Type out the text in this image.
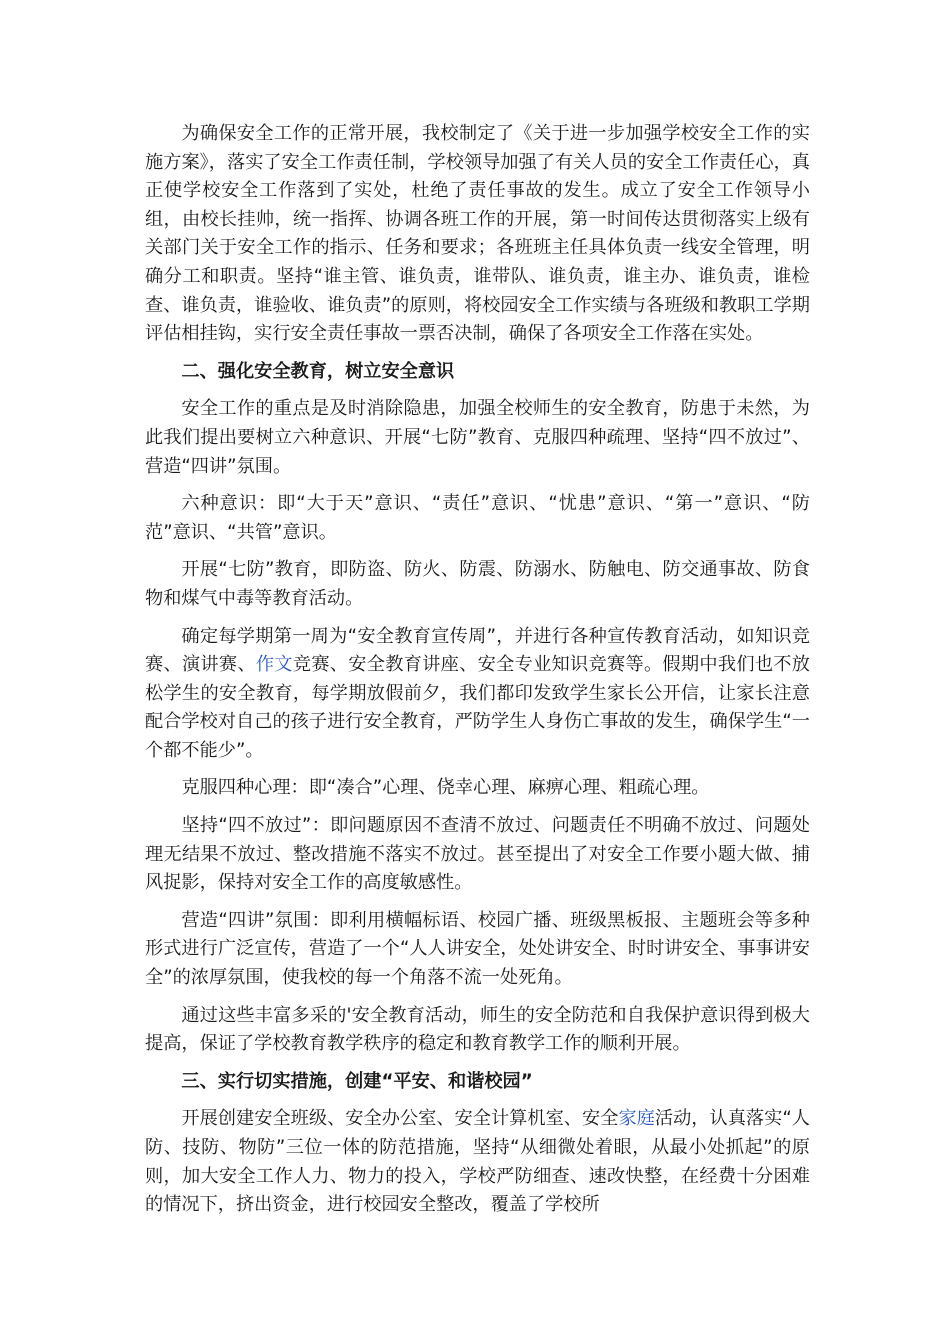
为确保安全工作的正常开展，我校制定了《关于进一步加强学校安全工作的实施方案》，落实了安全工作责任制，学校领导加强了有关人员的安全工作责任心，真正使学校安全工作落到了实处，杜绝了责任事故的发生。成立了安全工作领导小组，由校长挂帅，统一指挥、协调各班工作的开展，第一时间传达贯彻落实上级有关部门关于安全工作的指示、任务和要求；各班班主任具体负责一线安全管理，明确分工和职责。坚持“谁主管、谁负责，谁带队、谁负责，谁主办、谁负责，谁检查、谁负责，谁验收、谁负责”的原则，将校园安全工作实绩与各班级和教职工学期评估相挂钩，实行安全责任事故一票否决制，确保了各项安全工作落在实处。

二、强化安全教育，树立安全意识

安全工作的重点是及时消除隐患，加强全校师生的安全教育，防患于未然，为此我们提出要树立六种意识、开展“七防”教育、克服四种疏理、坚持“四不放过”、营造“四讲”氛围。

六种意识：即“大于天”意识、“责任”意识、“忧患”意识、“第一”意识、“防范”意识、“共管”意识。

开展“七防”教育，即防盗、防火、防震、防溺水、防触电、防交通事故、防食物和煤气中毒等教育活动。

确定每学期第一周为“安全教育宣传周”，并进行各种宣传教育活动，如知识竞赛、演讲赛、作文竞赛、安全教育讲座、安全专业知识竞赛等。假期中我们也不放松学生的安全教育，每学期放假前夕，我们都印发致学生家长公开信，让家长注意配合学校对自己的孩子进行安全教育，严防学生人身伤亡事故的发生，确保学生“一个都不能少”。

克服四种心理：即“凑合”心理、侥幸心理、麻痹心理、粗疏心理。

坚持“四不放过”：即问题原因不查清不放过、问题责任不明确不放过、问题处理无结果不放过、整改措施不落实不放过。甚至提出了对安全工作要小题大做、捕风捉影，保持对安全工作的高度敏感性。

营造“四讲”氛围：即利用横幅标语、校园广播、班级黑板报、主题班会等多种形式进行广泛宣传，营造了一个“人人讲安全，处处讲安全、时时讲安全、事事讲安全”的浓厚氛围，使我校的每一个角落不流一处死角。

通过这些丰富多采的'安全教育活动，师生的安全防范和自我保护意识得到极大提高，保证了学校教育教学秩序的稳定和教育教学工作的顺利开展。

三、实行切实措施，创建“平安、和谐校园”

开展创建安全班级、安全办公室、安全计算机室、安全家庭活动，认真落实“人防、技防、物防”三位一体的防范措施，坚持“从细微处着眼，从最小处抓起”的原则，加大安全工作人力、物力的投入，学校严防细查、速改快整，在经费十分困难的情况下，挤出资金，进行校园安全整改，覆盖了学校所
